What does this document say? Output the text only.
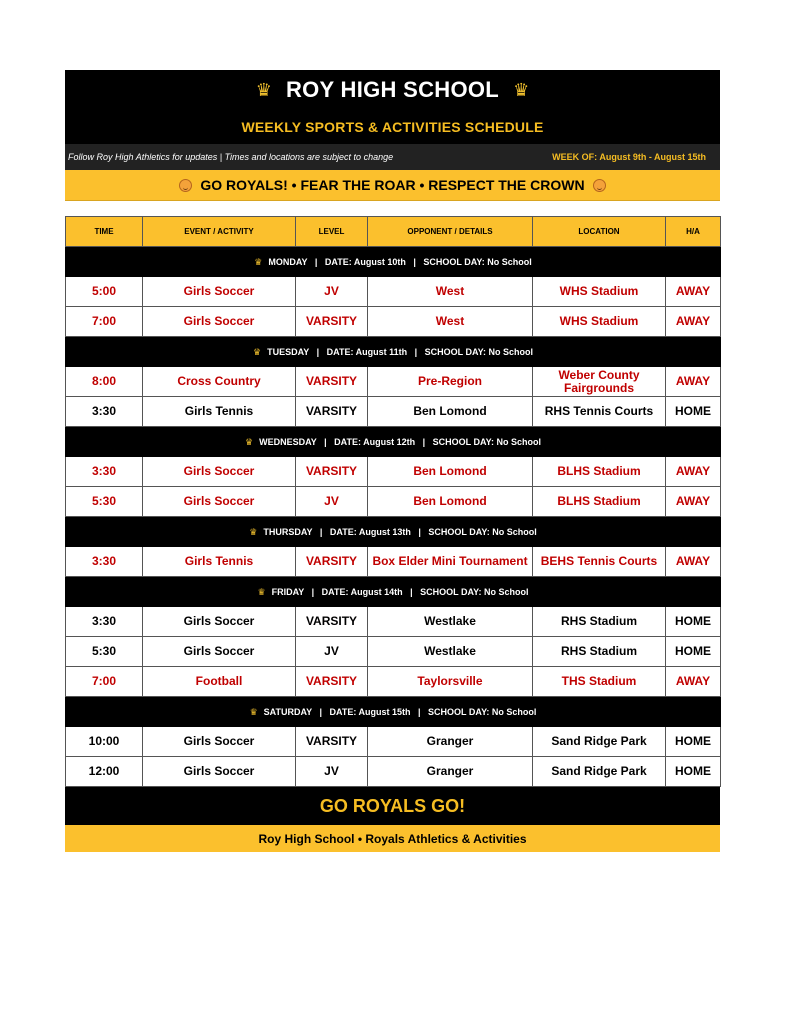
♛ ROY HIGH SCHOOL ♛
WEEKLY SPORTS & ACTIVITIES SCHEDULE
Follow Roy High Athletics for updates | Times and locations are subject to change	WEEK OF: August 9th - August 15th
GO ROYALS! • FEAR THE ROAR • RESPECT THE CROWN
TIME	EVENT / ACTIVITY	LEVEL	OPPONENT / DETAILS	LOCATION	H/A
♛ MONDAY   |   DATE: August 10th   |   SCHOOL DAY: No School					
5:00	Girls Soccer	JV	West	WHS Stadium	AWAY
7:00	Girls Soccer	VARSITY	West	WHS Stadium	AWAY
♛ TUESDAY   |   DATE: August 11th   |   SCHOOL DAY: No School					
8:00	Cross Country	VARSITY	Pre-Region	Weber County Fairgrounds	AWAY
3:30	Girls Tennis	VARSITY	Ben Lomond	RHS Tennis Courts	HOME
♛ WEDNESDAY   |   DATE: August 12th   |   SCHOOL DAY: No School					
3:30	Girls Soccer	VARSITY	Ben Lomond	BLHS Stadium	AWAY
5:30	Girls Soccer	JV	Ben Lomond	BLHS Stadium	AWAY
♛ THURSDAY   |   DATE: August 13th   |   SCHOOL DAY: No School					
3:30	Girls Tennis	VARSITY	Box Elder Mini Tournament	BEHS Tennis Courts	AWAY
♛ FRIDAY   |   DATE: August 14th   |   SCHOOL DAY: No School					
3:30	Girls Soccer	VARSITY	Westlake	RHS Stadium	HOME
5:30	Girls Soccer	JV	Westlake	RHS Stadium	HOME
7:00	Football	VARSITY	Taylorsville	THS Stadium	AWAY
♛ SATURDAY   |   DATE: August 15th   |   SCHOOL DAY: No School					
10:00	Girls Soccer	VARSITY	Granger	Sand Ridge Park	HOME
12:00	Girls Soccer	JV	Granger	Sand Ridge Park	HOME
GO ROYALS GO!
Roy High School • Royals Athletics & Activities
